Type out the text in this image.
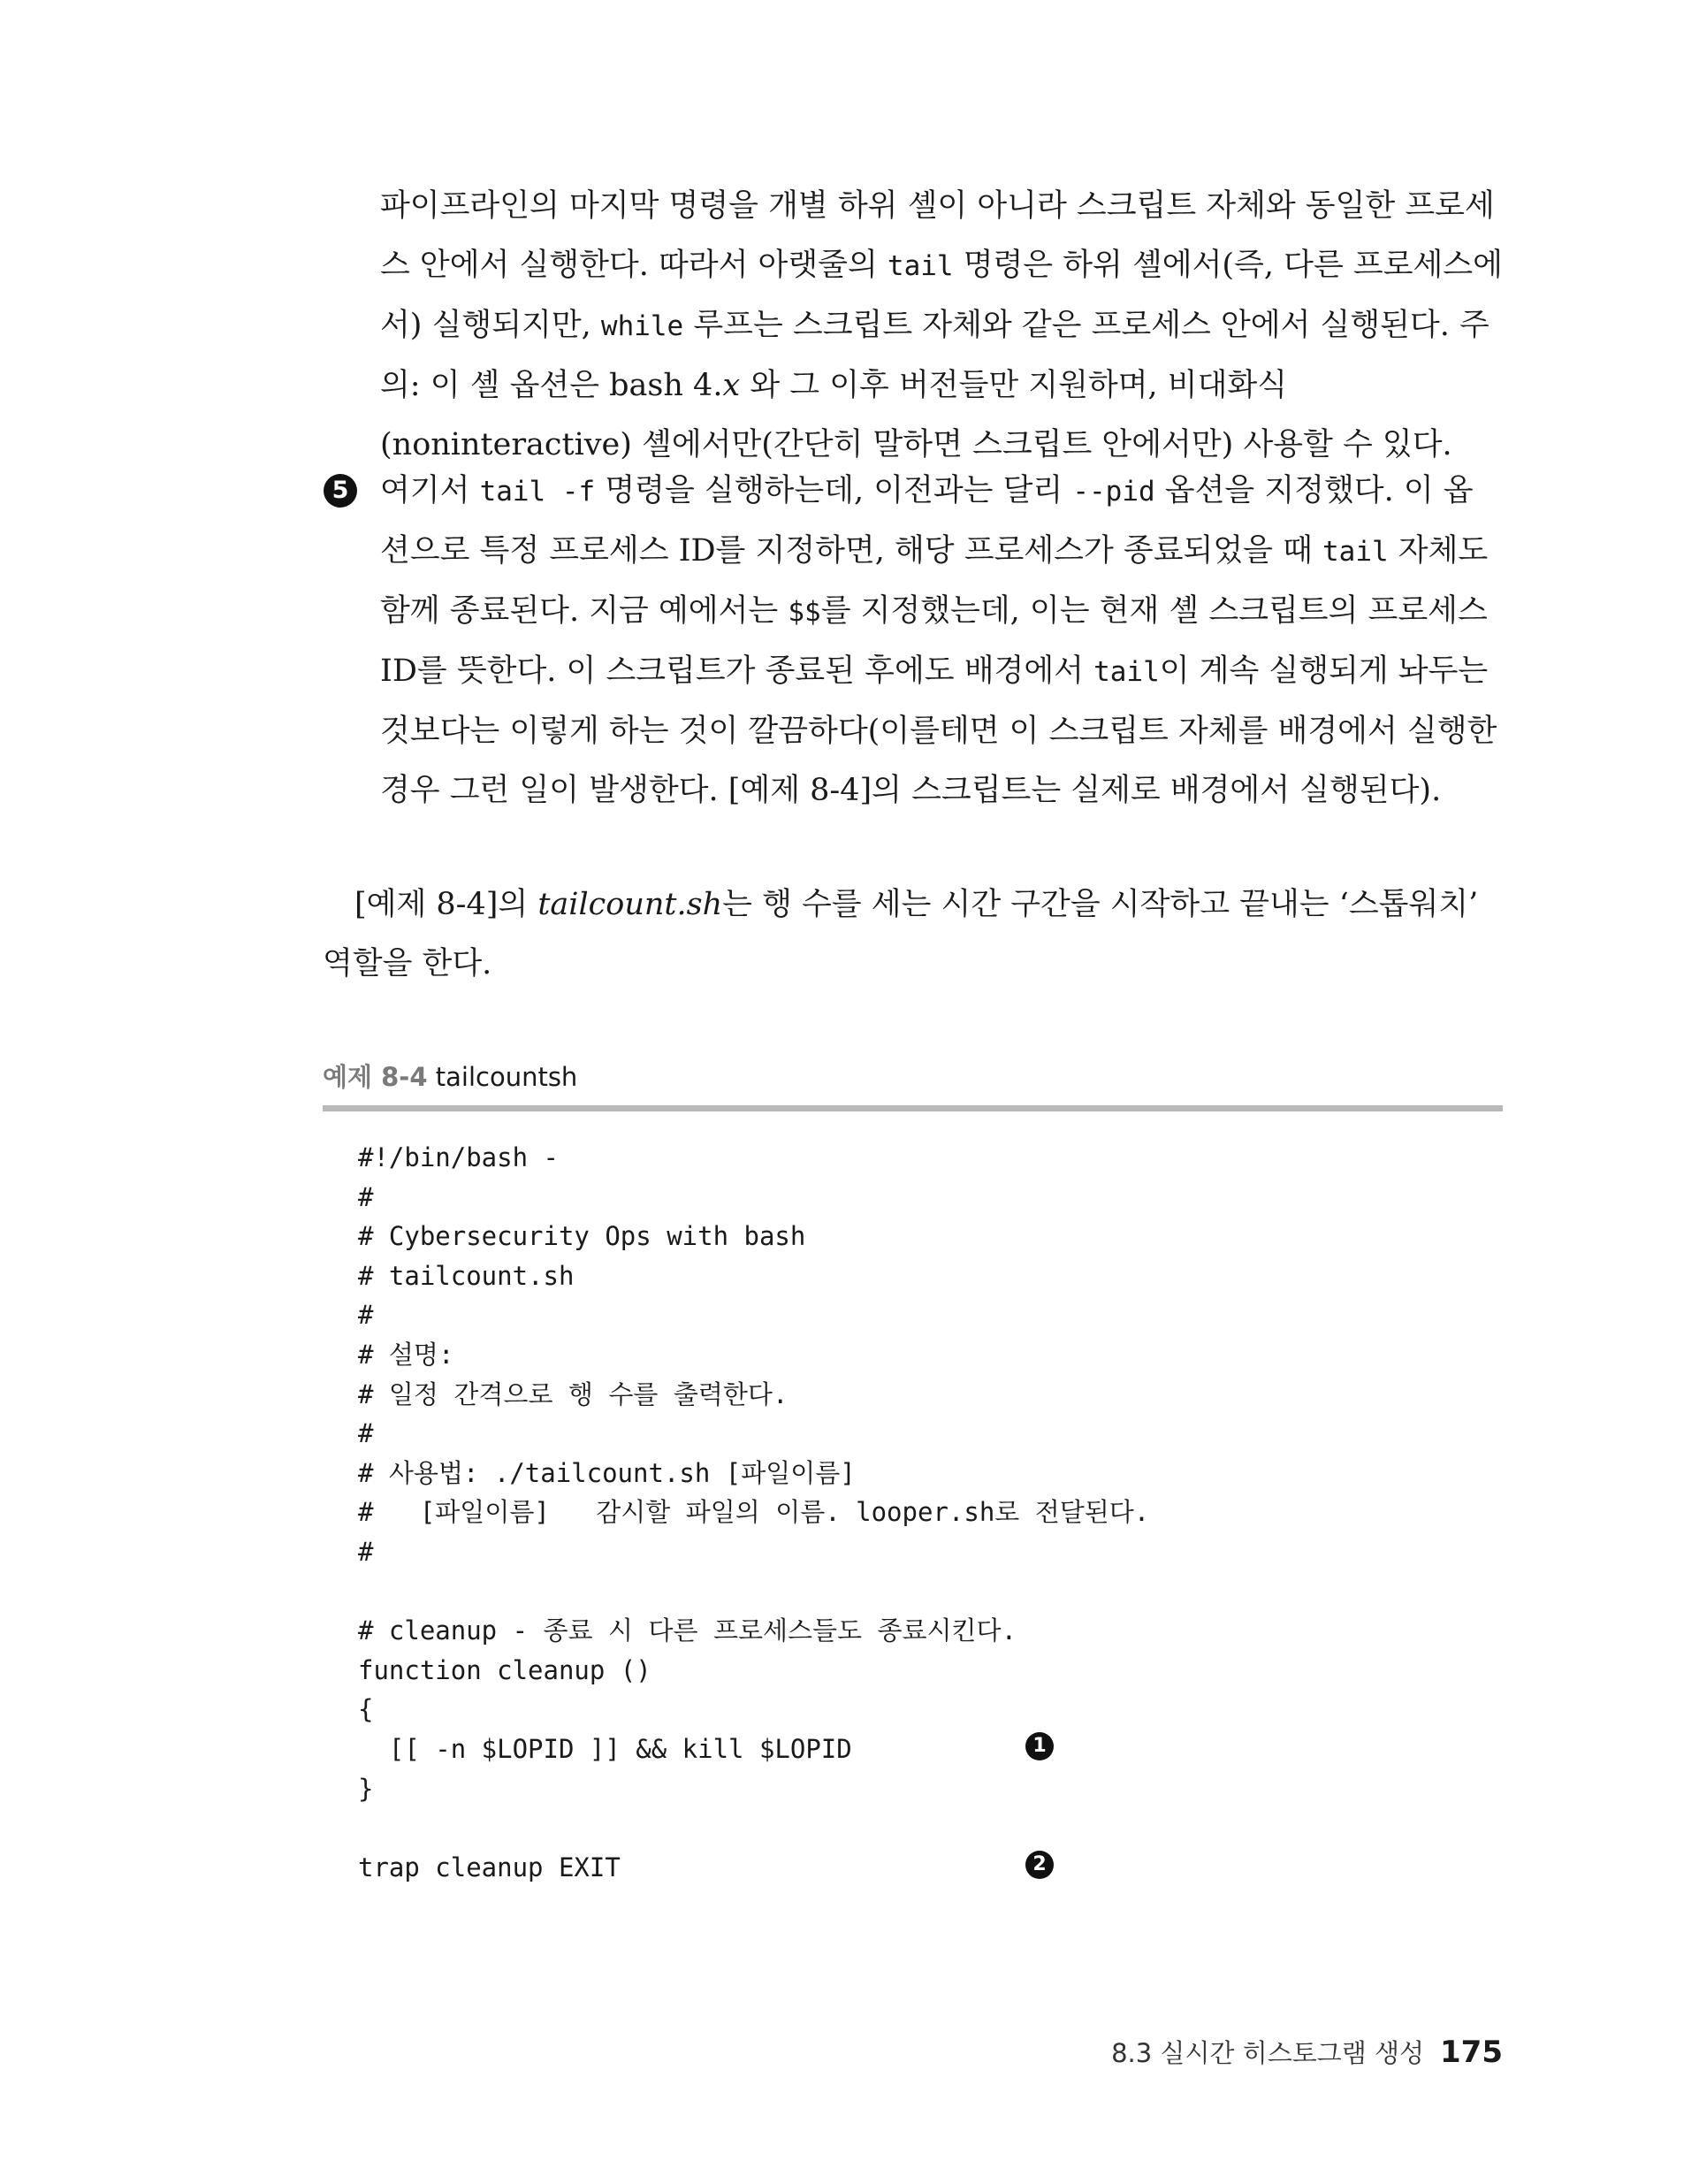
파이프라인의 마지막 명령을 개별 하위 셸이 아니라 스크립트 자체와 동일한 프로세스 안에서 실행한다. 따라서 아랫줄의 tail 명령은 하위 셸에서(즉, 다른 프로세스에서) 실행되지만, while 루프는 스크립트 자체와 같은 프로세스 안에서 실행된다. 주의: 이 셸 옵션은 bash 4.x 와 그 이후 버전들만 지원하며, 비대화식(noninteractive) 셸에서만(간단히 말하면 스크립트 안에서만) 사용할 수 있다.

5 여기서 tail -f 명령을 실행하는데, 이전과는 달리 --pid 옵션을 지정했다. 이 옵션으로 특정 프로세스 ID를 지정하면, 해당 프로세스가 종료되었을 때 tail 자체도 함께 종료된다. 지금 예에서는 $$를 지정했는데, 이는 현재 셸 스크립트의 프로세스 ID를 뜻한다. 이 스크립트가 종료된 후에도 배경에서 tail이 계속 실행되게 놔두는 것보다는 이렇게 하는 것이 깔끔하다(이를테면 이 스크립트 자체를 배경에서 실행한 경우 그런 일이 발생한다. [예제 8-4]의 스크립트는 실제로 배경에서 실행된다).

[예제 8-4]의 tailcount.sh는 행 수를 세는 시간 구간을 시작하고 끝내는 ‘스톱워치’ 역할을 한다.

예제 8-4 tailcountsh
#!/bin/bash -
#
# Cybersecurity Ops with bash
# tailcount.sh
#
# 설명:
# 일정 간격으로 행 수를 출력한다.
#
# 사용법: ./tailcount.sh [파일이름]
#   [파일이름]   감시할 파일의 이름. looper.sh로 전달된다.
#
# cleanup - 종료 시 다른 프로세스들도 종료시킨다.
function cleanup ()
{
[[ -n $LOPID ]] && kill $LOPID	1
}
trap cleanup EXIT	2
8.3 실시간 히스토그램 생성 175
